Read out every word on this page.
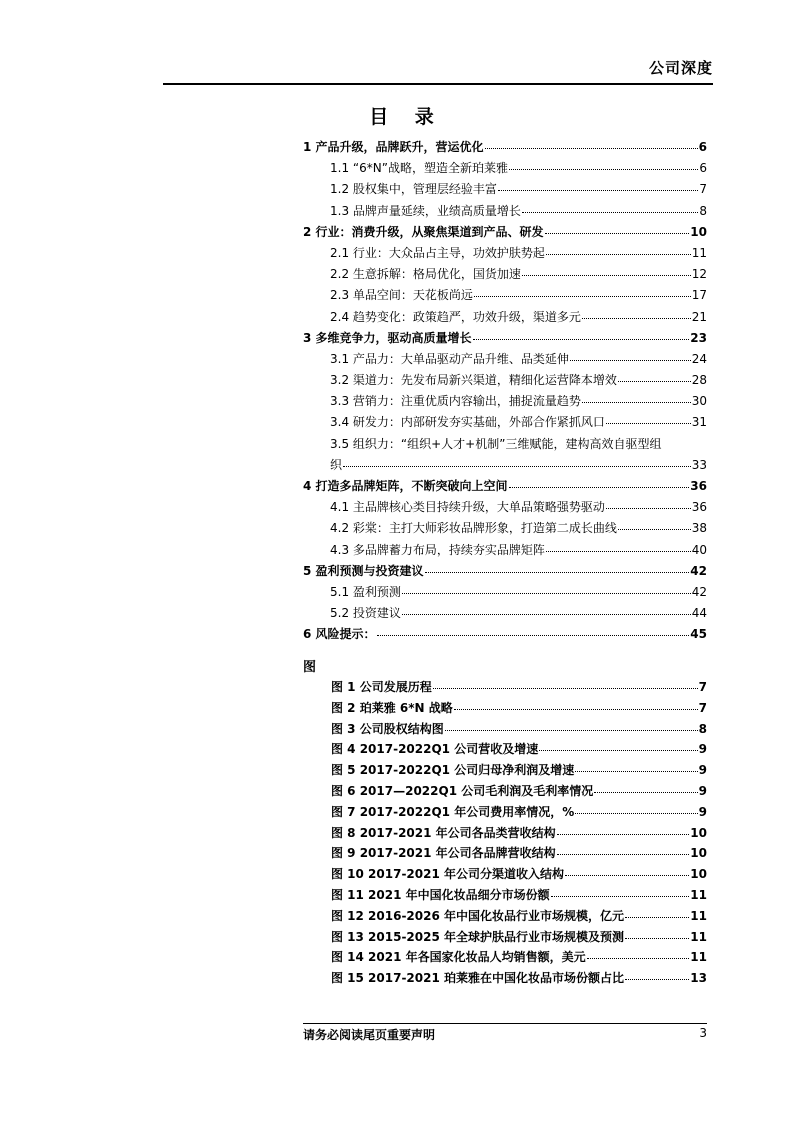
公司深度
目 录
1 产品升级，品牌跃升，营运优化	6
1.1 “6*N”战略，塑造全新珀莱雅	6
1.2 股权集中，管理层经验丰富	7
1.3 品牌声量延续，业绩高质量增长	8
2 行业：消费升级，从聚焦渠道到产品、研发	10
2.1 行业：大众品占主导，功效护肤势起	11
2.2 生意拆解：格局优化，国货加速	12
2.3 单品空间：天花板尚远	17
2.4 趋势变化：政策趋严，功效升级，渠道多元	21
3 多维竞争力，驱动高质量增长	23
3.1 产品力：大单品驱动产品升维、品类延伸	24
3.2 渠道力：先发布局新兴渠道，精细化运营降本增效	28
3.3 营销力：注重优质内容输出，捕捉流量趋势	30
3.4 研发力：内部研发夯实基础，外部合作紧抓风口	31
3.5 组织力：“组织+人才+机制”三维赋能，建构高效自驱型组
织	33
4 打造多品牌矩阵，不断突破向上空间	36
4.1 主品牌核心类目持续升级，大单品策略强势驱动	36
4.2 彩棠：主打大师彩妆品牌形象，打造第二成长曲线	38
4.3 多品牌蓄力布局，持续夯实品牌矩阵	40
5 盈利预测与投资建议	42
5.1 盈利预测	42
5.2 投资建议	44
6 风险提示：	45
图
图 1 公司发展历程	7
图 2 珀莱雅 6*N 战略	7
图 3 公司股权结构图	8
图 4 2017-2022Q1 公司营收及增速	9
图 5 2017-2022Q1 公司归母净利润及增速	9
图 6 2017—2022Q1 公司毛利润及毛利率情况	9
图 7 2017-2022Q1 年公司费用率情况，%	9
图 8 2017-2021 年公司各品类营收结构	10
图 9 2017-2021 年公司各品牌营收结构	10
图 10 2017-2021 年公司分渠道收入结构	10
图 11 2021 年中国化妆品细分市场份额	11
图 12 2016-2026 年中国化妆品行业市场规模，亿元	11
图 13 2015-2025 年全球护肤品行业市场规模及预测	11
图 14 2021 年各国家化妆品人均销售额，美元	11
图 15 2017-2021 珀莱雅在中国化妆品市场份额占比	13
请务必阅读尾页重要声明	3
